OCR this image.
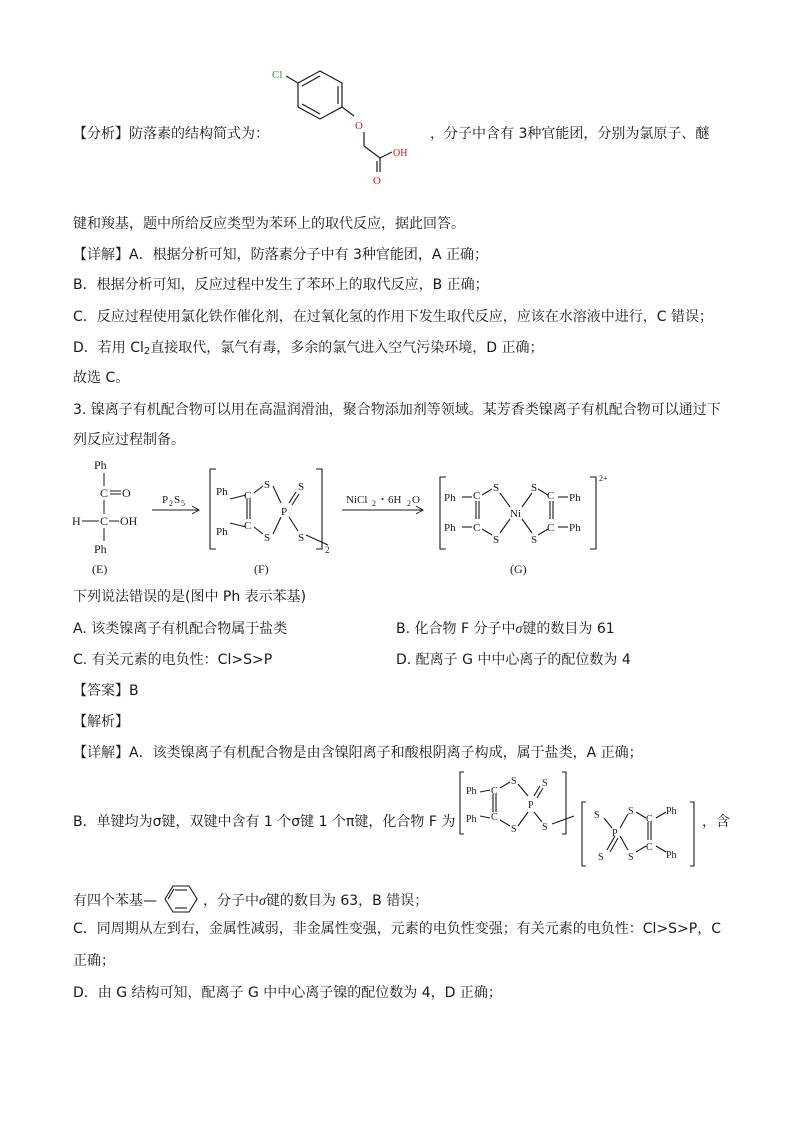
【分析】防落素的结构简式为：
Cl
O
OH
O
，分子中含有 3种官能团，分别为氯原子、醚
键和羧基，题中所给反应类型为苯环上的取代反应，据此回答。
【详解】A．根据分析可知，防落素分子中有 3种官能团，A 正确；
B．根据分析可知，反应过程中发生了苯环上的取代反应，B 正确；
C．反应过程使用氯化铁作催化剂，在过氧化氢的作用下发生取代反应，应该在水溶液中进行，C 错误；
D．若用 $Cl_2$直接取代，氯气有毒，多余的氯气进入空气污染环境，D 正确；
故选 C。
3. 镍离子有机配合物可以用在高温润滑油，聚合物添加剂等领域。某芳香类镍离子有机配合物可以通过下
列反应过程制备。
Ph
C O
H C OH
Ph
(E)
P 2 S 5
Ph
Ph
C
C
S
S
P
S
S
2
(F)
NiCl 2 ・6H 2 O Ph
Ph
C
C
S
S
Ni
S
S
C
C
Ph
Ph
2+
(G)
下列说法错误的是(图中 Ph 表示苯基)
A. 该类镍离子有机配合物属于盐类	B. 化合物 F 分子中σ键的数目为 61
C. 有关元素的电负性：Cl>S>P	D. 配离子 G 中中心离子的配位数为 4
【答案】B
【解析】
【详解】A．该类镍离子有机配合物是由含镍阳离子和酸根阴离子构成，属于盐类，A 正确；
B．单键均为σ键，双键中含有 1 个σ键 1 个π键，化合物 F 为
Ph
Ph
C
C
S
S
P
S
S
S
P
S
S
S
C
C
Ph
Ph
，含
有四个苯基—	，分子中σ键的数目为 63，B 错误；
C．同周期从左到右，金属性减弱，非金属性变强，元素的电负性变强；有关元素的电负性：Cl>S>P，C
正确；
D．由 G 结构可知，配离子 G 中中心离子镍的配位数为 4，D 正确；
